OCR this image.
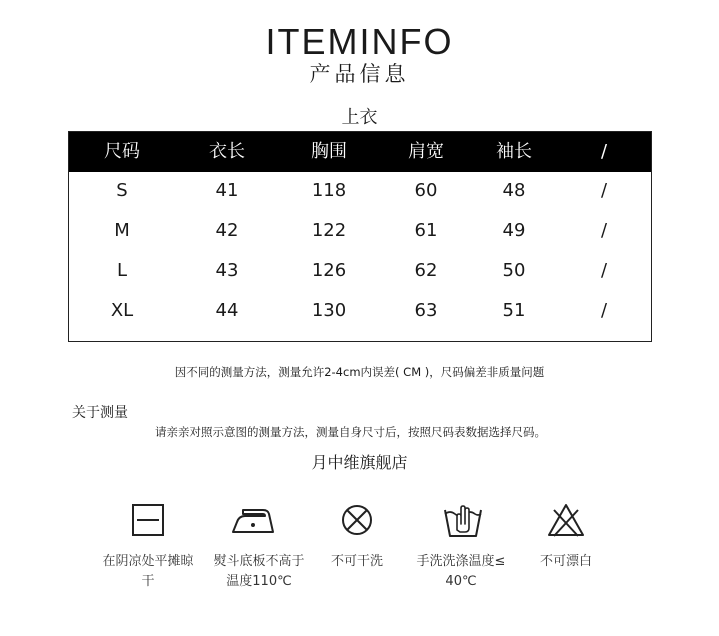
ITEMINFO
产品信息
上衣
尺码	衣长	胸围	肩宽	袖长	/
S	41	118	60	48	/
M	42	122	61	49	/
L	43	126	62	50	/
XL	44	130	63	51	/
因不同的测量方法，测量允许2-4cm内误差( CM )，尺码偏差非质量问题
关于测量
请亲亲对照示意图的测量方法，测量自身尺寸后，按照尺码表数据选择尺码。
月中维旗舰店
在阴凉处平摊晾
干
熨斗底板不高于
温度110℃
不可干洗	手洗洗涤温度≤
40℃
不可漂白
